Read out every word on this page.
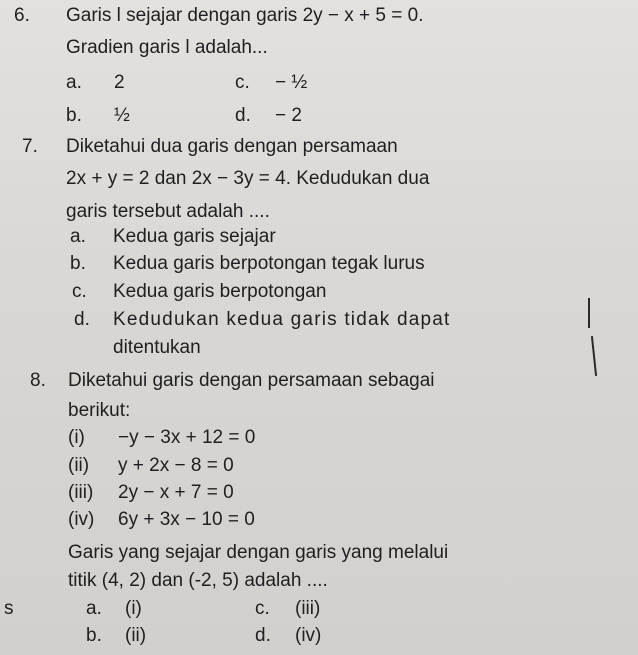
6. Garis l sejajar dengan garis 2y − x + 5 = 0.
Gradien garis l adalah...
a. 2	c. − ½
b. ½	d. − 2
7. Diketahui dua garis dengan persamaan
2x + y = 2 dan 2x − 3y = 4. Kedudukan dua
garis tersebut adalah ....
a. Kedua garis sejajar
b. Kedua garis berpotongan tegak lurus
c. Kedua garis berpotongan
d. Kedudukan kedua garis tidak dapat
ditentukan
8. Diketahui garis dengan persamaan sebagai
berikut:
(i) −y − 3x + 12 = 0
(ii) y + 2x − 8 = 0
(iii) 2y − x + 7 = 0
(iv) 6y + 3x − 10 = 0
Garis yang sejajar dengan garis yang melalui
titik (4, 2) dan (-2, 5) adalah ....
s	a. (i)	c. (iii)
b. (ii)	d. (iv)
